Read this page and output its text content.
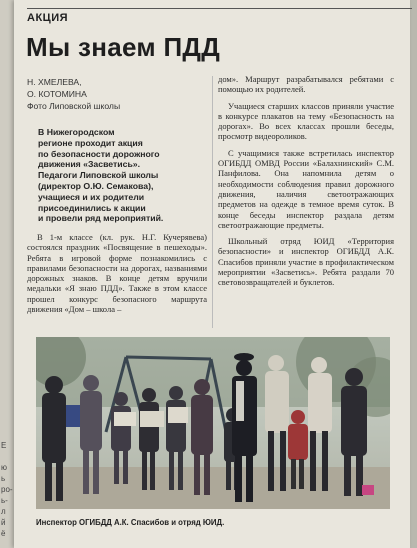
Е
ю
ь
ро-
ь-
л
й
ё
АКЦИЯ
Мы знаем ПДД
Н. ХМЕЛЕВА,
О. КОТОМИНА
Фото Липовской школы

В Нижегородском

регионе проходит акция

по безопасности дорожного

движения «Засветись».

Педагоги Липовской школы

(директор О.Ю. Семакова),

учащиеся и их родители

присоединились к акции

и провели ряд мероприятий.

В 1-м классе (кл. рук. Н.Г. Кучерявева) состоялся праздник «Посвящение в пешеходы». Ребята в игровой форме познакомились с правилами безопасности на дорогах, названиями дорожных знаков. В конце детям вручили медальки «Я знаю ПДД». Также в этом классе прошел конкурс безопасного маршрута движения «Дом – школа –

дом». Маршрут разрабатывался ребятами с помощью их родителей.

Учащиеся старших классов приняли участие в конкурсе плакатов на тему «Безопасность на дорогах». Во всех классах прошли беседы, просмотр видеороликов.

С учащимися также встретилась инспектор ОГИБДД ОМВД России «Балахнинский» С.М. Панфилова. Она напомнила детям о необходимости соблюдения правил дорожного движения, наличия светоотражающих предметов на одежде в темное время суток. В конце беседы инспектор раздала детям светоотражающие предметы.

Школьный отряд ЮИД «Территория безопасности» и инспектор ОГИБДД А.К. Спасибов приняли участие в профилактическом мероприятии «Засветись». Ребята раздали 70 световозвращателей и буклетов.

Инспектор ОГИБДД А.К. Спасибов и отряд ЮИД.
